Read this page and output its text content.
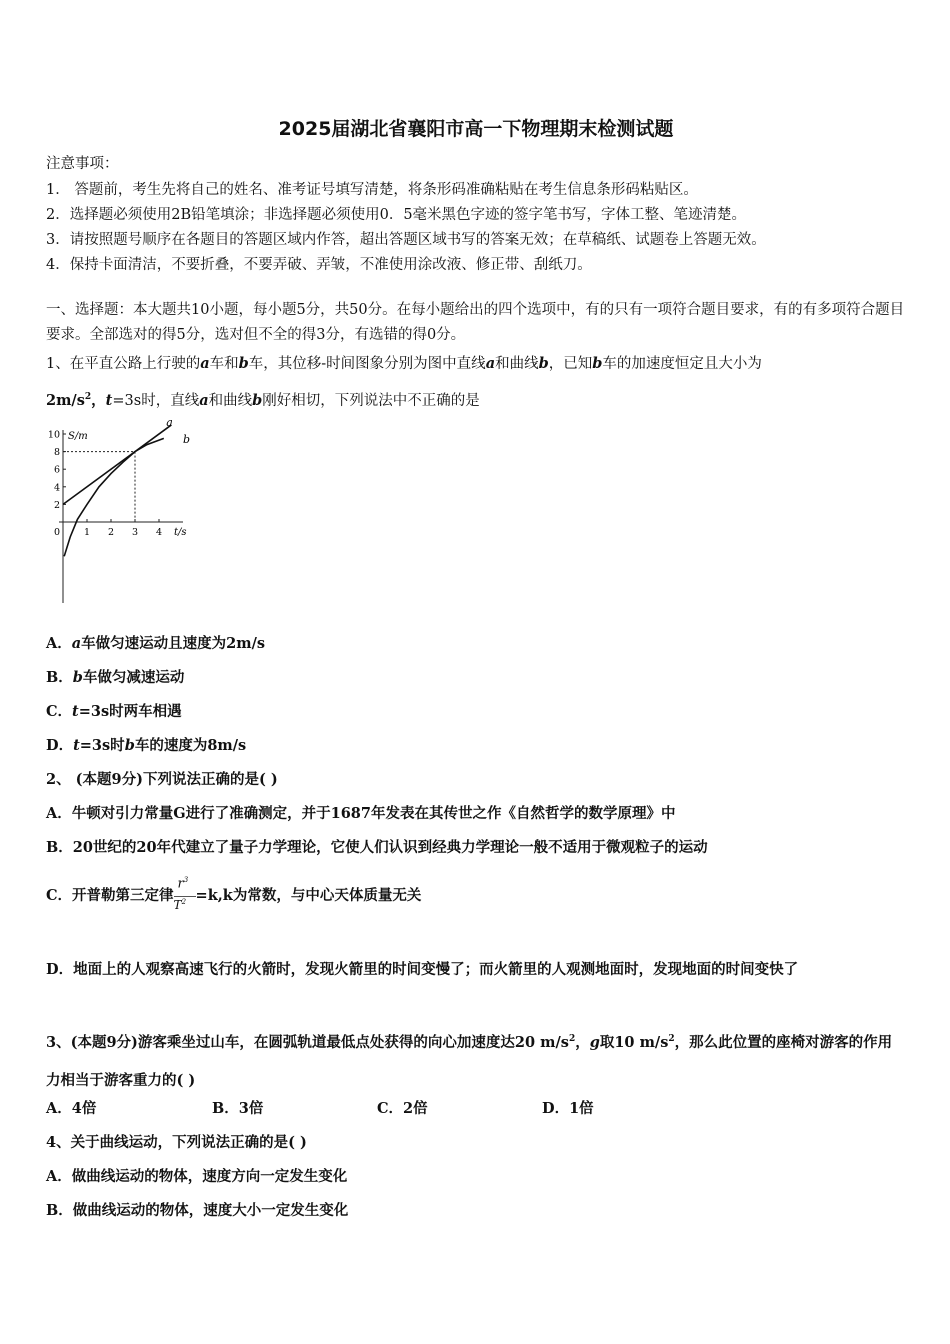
2025届湖北省襄阳市高一下物理期末检测试题
注意事项：
1． 答题前，考生先将自己的姓名、准考证号填写清楚，将条形码准确粘贴在考生信息条形码粘贴区。
2．选择题必须使用2B铅笔填涂；非选择题必须使用0．5毫米黑色字迹的签字笔书写，字体工整、笔迹清楚。
3．请按照题号顺序在各题目的答题区域内作答，超出答题区域书写的答案无效；在草稿纸、试题卷上答题无效。
4．保持卡面清洁，不要折叠，不要弄破、弄皱，不准使用涂改液、修正带、刮纸刀。
一、选择题：本大题共10小题，每小题5分，共50分。在每小题给出的四个选项中，有的只有一项符合题目要求，有的有多项符合题目要求。全部选对的得5分，选对但不全的得3分，有选错的得0分。
1、在平直公路上行驶的a车和b车，其位移-时间图象分别为图中直线a和曲线b，已知b车的加速度恒定且大小为
$2m/s^2$，t=3s时，直线a和曲线b刚好相切，下列说法中不正确的是
S/m
t/s
10
8
6
4
2
0	1 2 3 4
a
b
A．a车做匀速运动且速度为2m/s
B．b车做匀减速运动
C．t=3s时两车相遇
D．t=3s时b车的速度为8m/s
2、 (本题9分)下列说法正确的是( )
A．牛顿对引力常量G进行了准确测定，并于1687年发表在其传世之作《自然哲学的数学原理》中
B．20世纪的20年代建立了量子力学理论，它使人们认识到经典力学理论一般不适用于微观粒子的运动
C．开普勒第三定律 $\frac{r^3}{T^2} =k,k$为常数，与中心天体质量无关
D．地面上的人观察高速飞行的火箭时，发现火箭里的时间变慢了；而火箭里的人观测地面时，发现地面的时间变快了
3、(本题9分)游客乘坐过山车，在圆弧轨道最低点处获得的向心加速度达20 $m/s^2$，g取10 $m/s^2$，那么此位置的座椅对游客的作用力相当于游客重力的( )
A．4倍	B．3倍	C．2倍	D．1倍
4、关于曲线运动，下列说法正确的是( )
A．做曲线运动的物体，速度方向一定发生变化
B．做曲线运动的物体，速度大小一定发生变化
